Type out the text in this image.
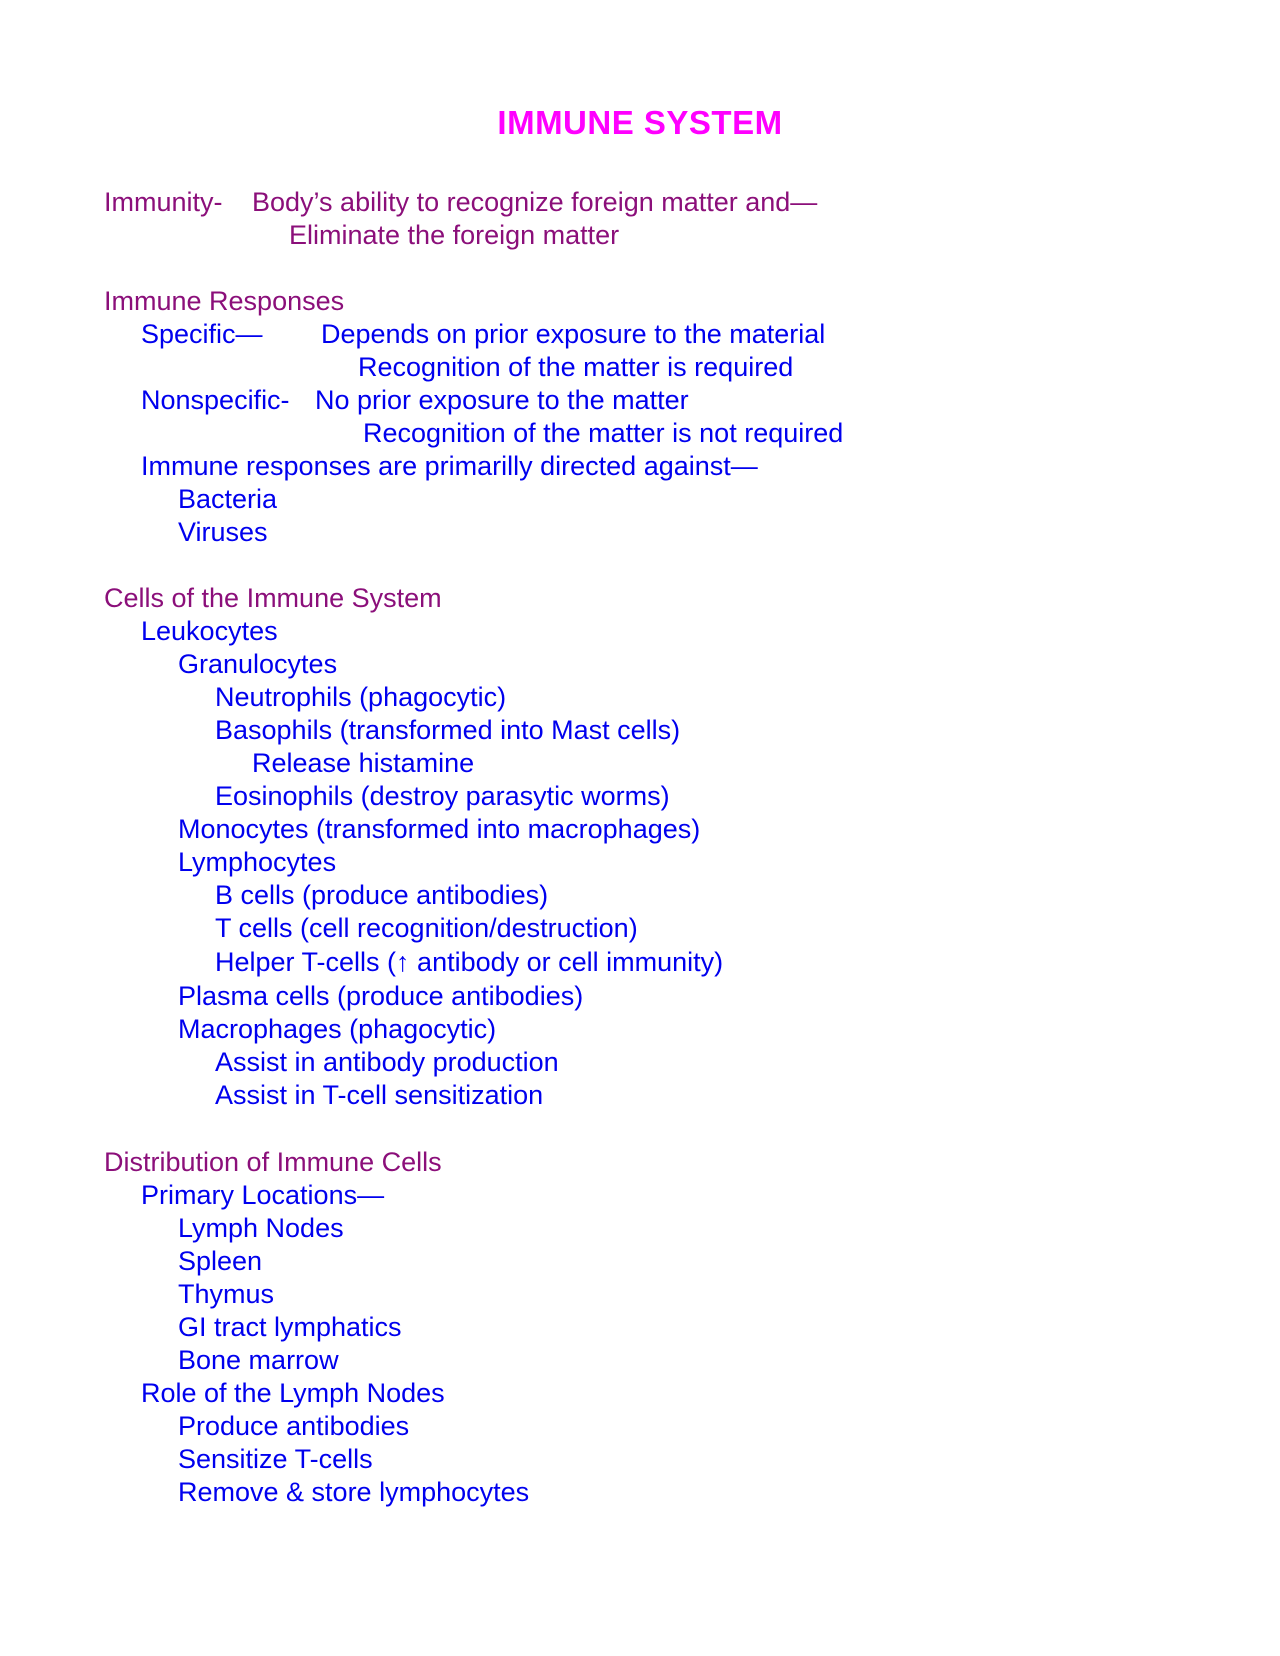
IMMUNE SYSTEM
Immunity- Body’s ability to recognize foreign matter and—
Eliminate the foreign matter
Immune Responses
Specific— Depends on prior exposure to the material
Recognition of the matter is required
Nonspecific- No prior exposure to the matter
Recognition of the matter is not required
Immune responses are primarilly directed against—
Bacteria
Viruses
Cells of the Immune System
Leukocytes
Granulocytes
Neutrophils (phagocytic)
Basophils (transformed into Mast cells)
Release histamine
Eosinophils (destroy parasytic worms)
Monocytes (transformed into macrophages)
Lymphocytes
B cells (produce antibodies)
T cells (cell recognition/destruction)
Helper T-cells (↑ antibody or cell immunity)
Plasma cells (produce antibodies)
Macrophages (phagocytic)
Assist in antibody production
Assist in T-cell sensitization
Distribution of Immune Cells
Primary Locations—
Lymph Nodes
Spleen
Thymus
GI tract lymphatics
Bone marrow
Role of the Lymph Nodes
Produce antibodies
Sensitize T-cells
Remove & store lymphocytes
